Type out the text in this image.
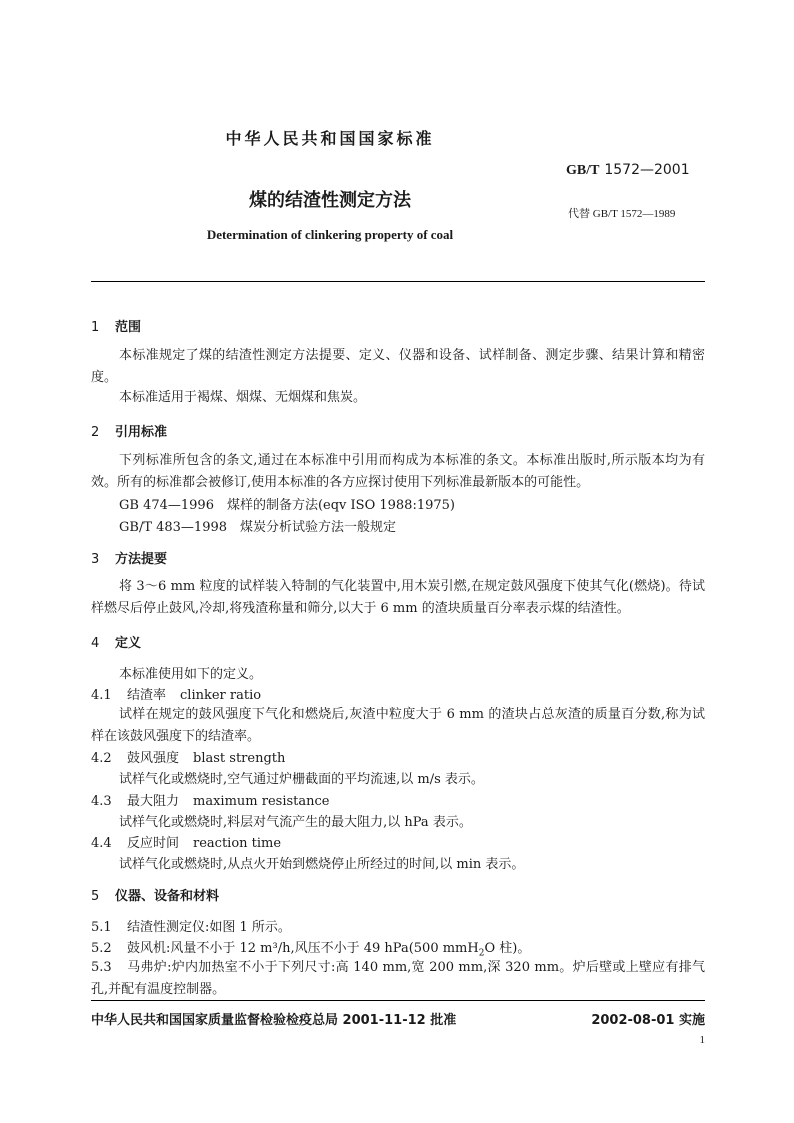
中华人民共和国国家标准
GB/T 1572—2001
煤的结渣性测定方法
代替 GB/T 1572—1989
Determination of clinkering property of coal
1 范围
本标准规定了煤的结渣性测定方法提要、定义、仪器和设备、试样制备、测定步骤、结果计算和精密度。
本标准适用于褐煤、烟煤、无烟煤和焦炭。
2 引用标准
下列标准所包含的条文,通过在本标准中引用而构成为本标准的条文。本标准出版时,所示版本均为有效。所有的标准都会被修订,使用本标准的各方应探讨使用下列标准最新版本的可能性。
GB 474—1996　煤样的制备方法(eqv ISO 1988:1975)
GB/T 483—1998　煤炭分析试验方法一般规定
3 方法提要
将 3～6 mm 粒度的试样装入特制的气化装置中,用木炭引燃,在规定鼓风强度下使其气化(燃烧)。待试样燃尽后停止鼓风,冷却,将残渣称量和筛分,以大于 6 mm 的渣块质量百分率表示煤的结渣性。
4 定义
本标准使用如下的定义。
4.1 结渣率 clinker ratio
试样在规定的鼓风强度下气化和燃烧后,灰渣中粒度大于 6 mm 的渣块占总灰渣的质量百分数,称为试样在该鼓风强度下的结渣率。
4.2 鼓风强度 blast strength
试样气化或燃烧时,空气通过炉栅截面的平均流速,以 m/s 表示。
4.3 最大阻力 maximum resistance
试样气化或燃烧时,料层对气流产生的最大阻力,以 hPa 表示。
4.4 反应时间 reaction time
试样气化或燃烧时,从点火开始到燃烧停止所经过的时间,以 min 表示。
5 仪器、设备和材料
5.1 结渣性测定仪:如图 1 所示。
5.2 鼓风机:风量不小于 12 m³/h,风压不小于 49 hPa(500 mmH$_2$O 柱)。
5.3 马弗炉:炉内加热室不小于下列尺寸:高 140 mm,宽 200 mm,深 320 mm。炉后壁或上壁应有排气孔,并配有温度控制器。
中华人民共和国国家质量监督检验检疫总局 2001-11-12 批准	2002-08-01 实施
1
